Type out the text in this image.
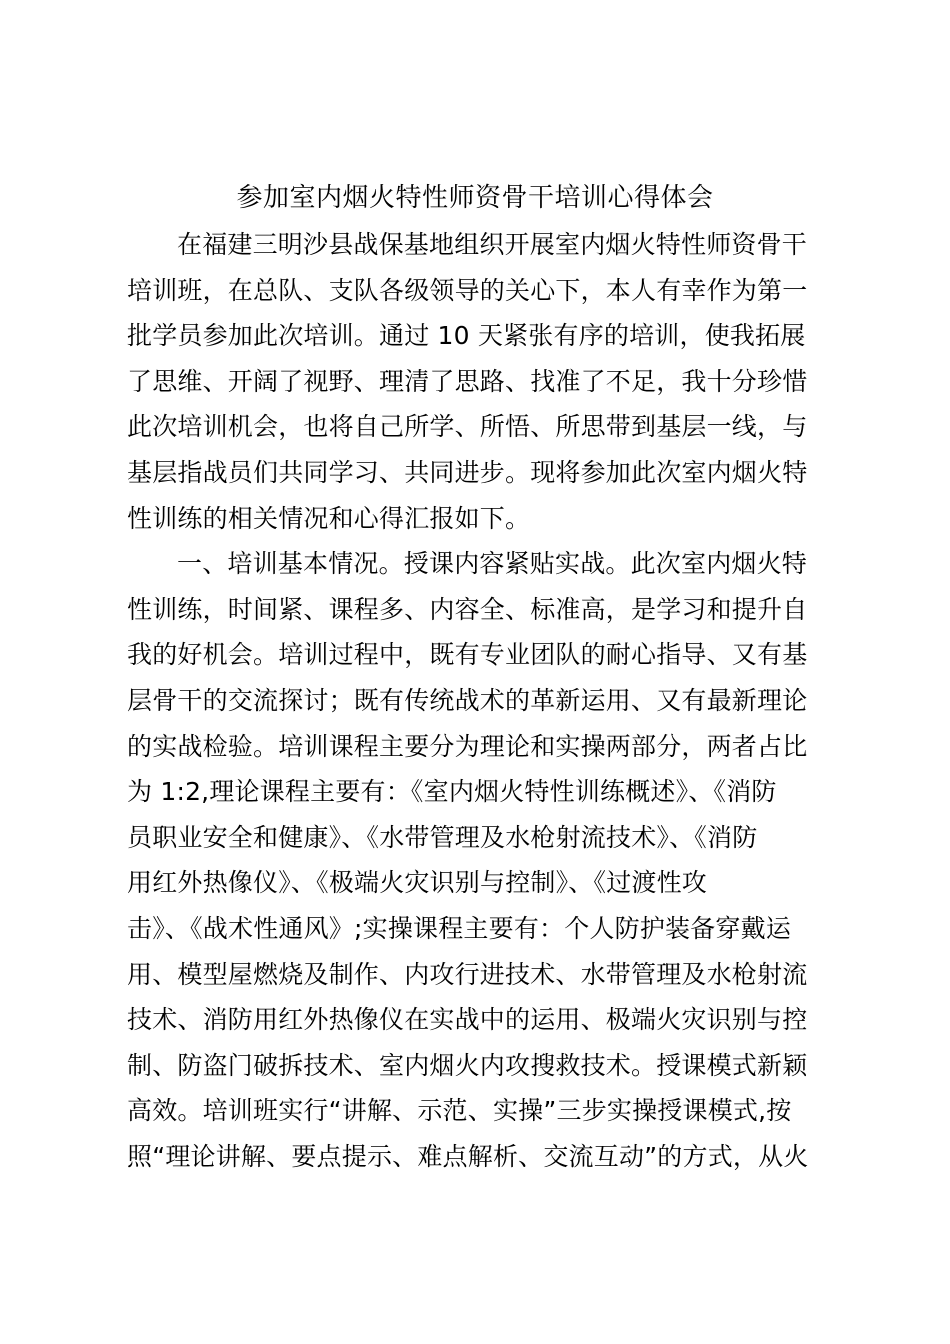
参加室内烟火特性师资骨干培训心得体会
在福建三明沙县战保基地组织开展室内烟火特性师资骨干
培训班，在总队、支队各级领导的关心下，本人有幸作为第一
批学员参加此次培训。通过 10 天紧张有序的培训，使我拓展
了思维、开阔了视野、理清了思路、找准了不足，我十分珍惜
此次培训机会，也将自己所学、所悟、所思带到基层一线，与
基层指战员们共同学习、共同进步。现将参加此次室内烟火特
性训练的相关情况和心得汇报如下。
一、培训基本情况。授课内容紧贴实战。此次室内烟火特
性训练，时间紧、课程多、内容全、标准高，是学习和提升自
我的好机会。培训过程中，既有专业团队的耐心指导、又有基
层骨干的交流探讨；既有传统战术的革新运用、又有最新理论
的实战检验。培训课程主要分为理论和实操两部分，两者占比
为 1:2,理论课程主要有：《室内烟火特性训练概述》、《消防
员职业安全和健康》、《水带管理及水枪射流技术》、《消防
用红外热像仪》、《极端火灾识别与控制》、《过渡性攻
击》、《战术性通风》;实操课程主要有：个人防护装备穿戴运
用、模型屋燃烧及制作、内攻行进技术、水带管理及水枪射流
技术、消防用红外热像仪在实战中的运用、极端火灾识别与控
制、防盗门破拆技术、室内烟火内攻搜救技术。授课模式新颖
高效。培训班实行“讲解、示范、实操”三步实操授课模式,按
照“理论讲解、要点提示、难点解析、交流互动”的方式，从火
